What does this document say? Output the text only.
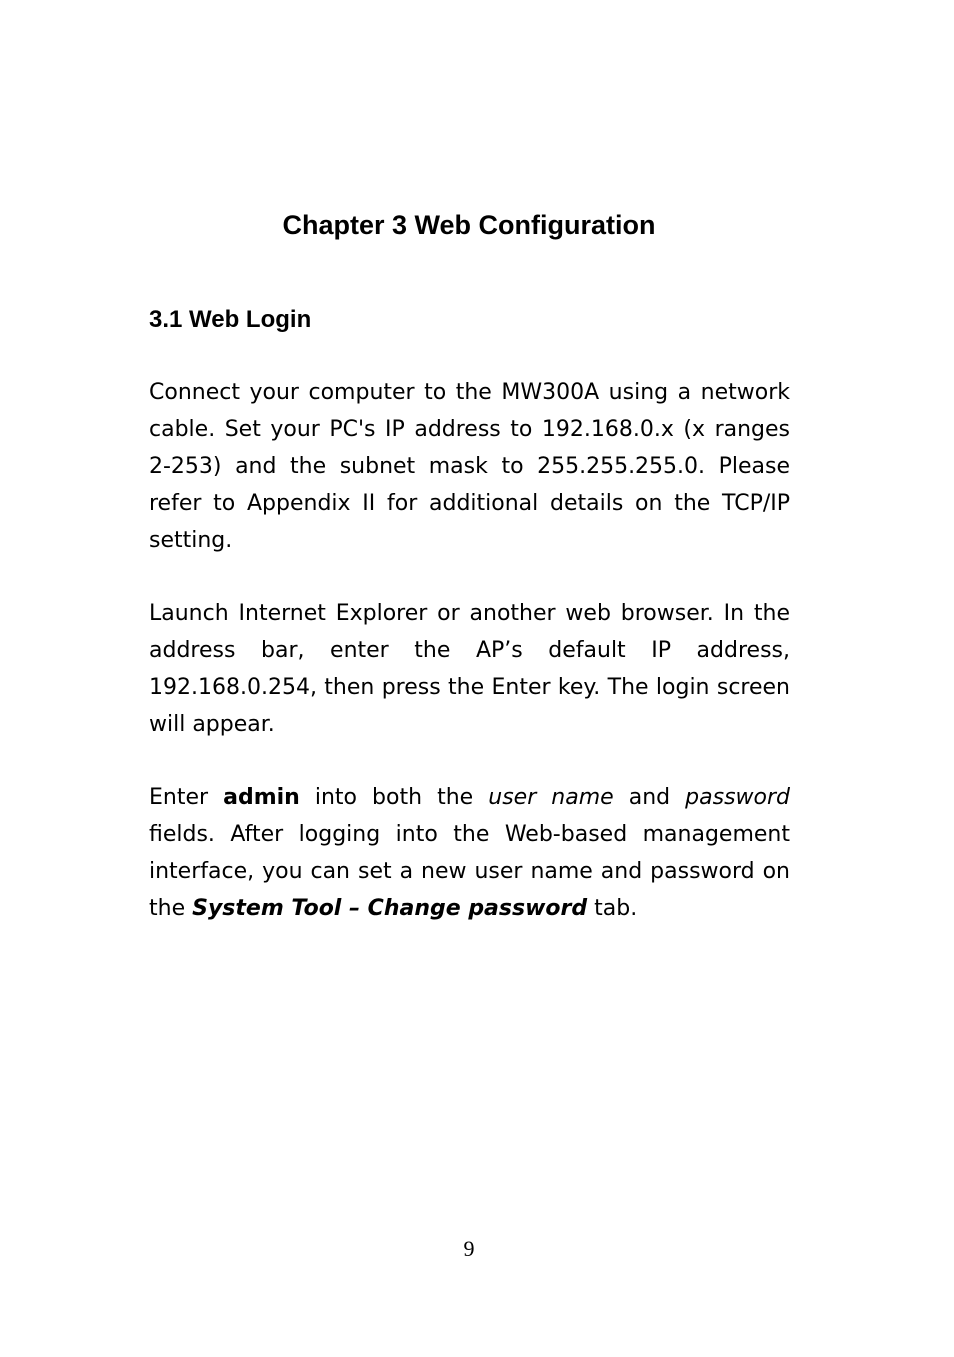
Chapter 3 Web Configuration
3.1 Web Login

Connect your computer to the MW300A using a network cable. Set your PC's IP address to 192.168.0.x (x ranges 2-253) and the subnet mask to 255.255.255.0. Please refer to Appendix II for additional details on the TCP/IP setting.

Launch Internet Explorer or another web browser. In the address bar, enter the AP’s default IP address, 192.168.0.254, then press the Enter key. The login screen will appear.

Enter admin into both the user name and password fields. After logging into the Web-based management interface, you can set a new user name and password on the System Tool – Change password tab.

9
